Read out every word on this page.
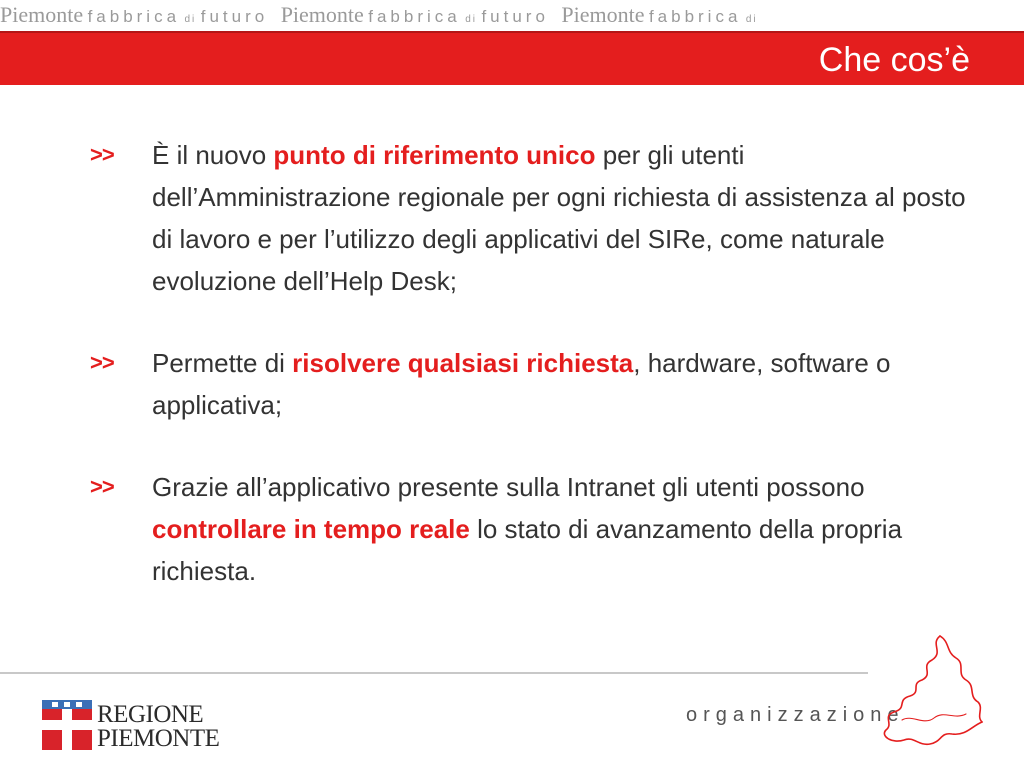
Piemonte fabbrica di futuro Piemonte fabbrica di futuro Piemonte fabbrica di
Che cos’è
>> È il nuovo punto di riferimento unico per gli utenti dell’Amministrazione regionale per ogni richiesta di assistenza al posto di lavoro e per l’utilizzo degli applicativi del SIRe, come naturale evoluzione dell’Help Desk;
>> Permette di risolvere qualsiasi richiesta, hardware, software o applicativa;
>> Grazie all’applicativo presente sulla Intranet gli utenti possono controllare in tempo reale lo stato di avanzamento della propria richiesta.
REGIONE
PIEMONTE
organizzazione
